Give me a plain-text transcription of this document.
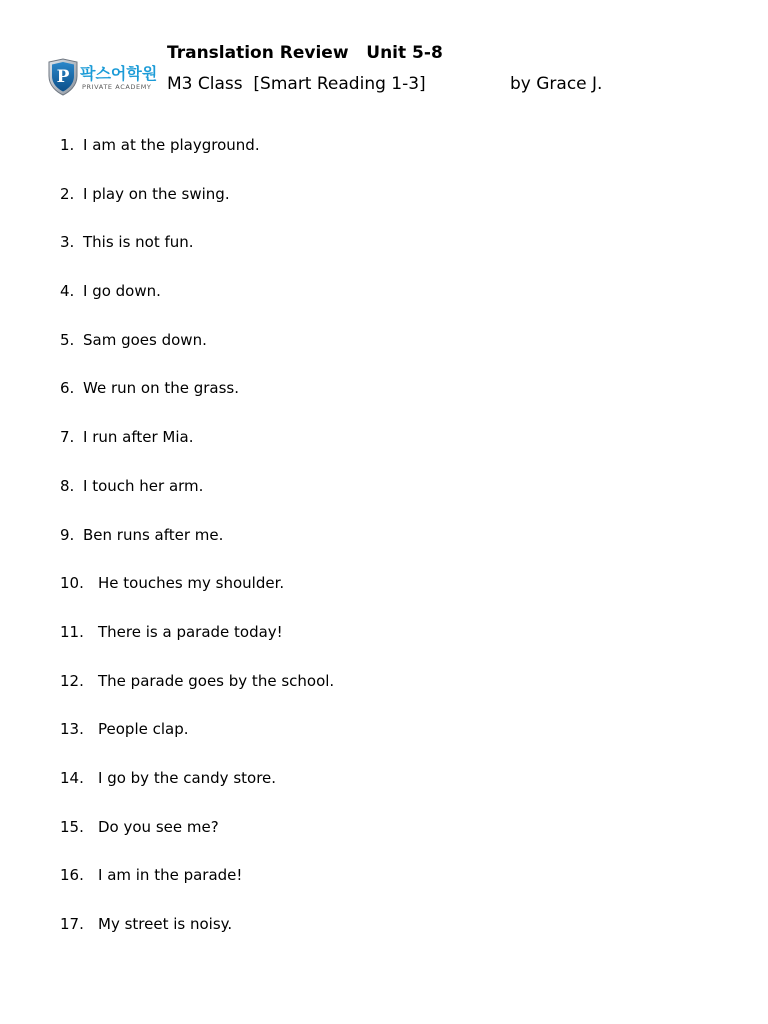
P 팍스어학원
PRIVATE ACADEMY
Translation Review   Unit 5-8
M3 Class  [Smart Reading 1-3]	by Grace J.
1. I am at the playground.
2. I play on the swing.
3. This is not fun.
4. I go down.
5. Sam goes down.
6. We run on the grass.
7. I run after Mia.
8. I touch her arm.
9. Ben runs after me.
10. He touches my shoulder.
11. There is a parade today!
12. The parade goes by the school.
13. People clap.
14. I go by the candy store.
15. Do you see me?
16. I am in the parade!
17. My street is noisy.
